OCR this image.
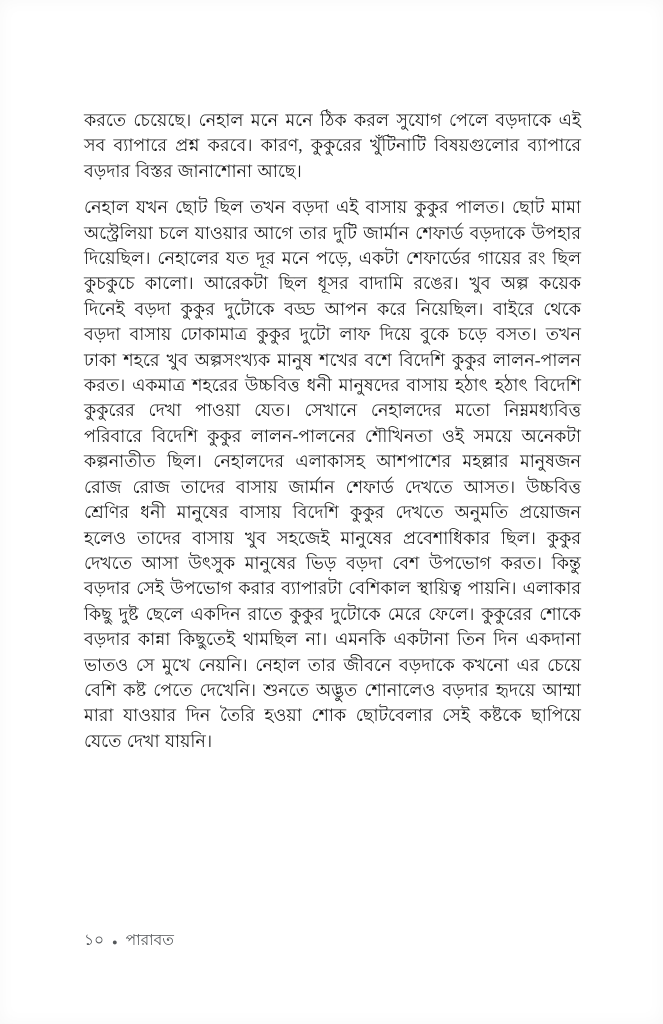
করতে চেয়েছে। নেহাল মনে মনে ঠিক করল সুযোগ পেলে বড়দাকে এই সব ব্যাপারে প্রশ্ন করবে। কারণ, কুকুরের খুঁটিনাটি বিষয়গুলোর ব্যাপারে বড়দার বিস্তর জানাশোনা আছে।

নেহাল যখন ছোট ছিল তখন বড়দা এই বাসায় কুকুর পালত। ছোট মামা অস্ট্রেলিয়া চলে যাওয়ার আগে তার দুটি জার্মান শেফার্ড বড়দাকে উপহার দিয়েছিল। নেহালের যত দূর মনে পড়ে, একটা শেফার্ডের গায়ের রং ছিল কুচকুচে কালো। আরেকটা ছিল ধূসর বাদামি রঙের। খুব অল্প কয়েক দিনেই বড়দা কুকুর দুটোকে বড্ড আপন করে নিয়েছিল। বাইরে থেকে বড়দা বাসায় ঢোকামাত্র কুকুর দুটো লাফ দিয়ে বুকে চড়ে বসত। তখন ঢাকা শহরে খুব অল্পসংখ্যক মানুষ শখের বশে বিদেশি কুকুর লালন-পালন করত। একমাত্র শহরের উচ্চবিত্ত ধনী মানুষদের বাসায় হঠাৎ হঠাৎ বিদেশি কুকুরের দেখা পাওয়া যেত। সেখানে নেহালদের মতো নিম্নমধ্যবিত্ত পরিবারে বিদেশি কুকুর লালন-পালনের শৌখিনতা ওই সময়ে অনেকটা কল্পনাতীত ছিল। নেহালদের এলাকাসহ আশপাশের মহল্লার মানুষজন রোজ রোজ তাদের বাসায় জার্মান শেফার্ড দেখতে আসত। উচ্চবিত্ত শ্রেণির ধনী মানুষের বাসায় বিদেশি কুকুর দেখতে অনুমতি প্রয়োজন হলেও তাদের বাসায় খুব সহজেই মানুষের প্রবেশাধিকার ছিল। কুকুর দেখতে আসা উৎসুক মানুষের ভিড় বড়দা বেশ উপভোগ করত। কিন্তু বড়দার সেই উপভোগ করার ব্যাপারটা বেশিকাল স্থায়িত্ব পায়নি। এলাকার কিছু দুষ্ট ছেলে একদিন রাতে কুকুর দুটোকে মেরে ফেলে। কুকুরের শোকে বড়দার কান্না কিছুতেই থামছিল না। এমনকি একটানা তিন দিন একদানা ভাতও সে মুখে নেয়নি। নেহাল তার জীবনে বড়দাকে কখনো এর চেয়ে বেশি কষ্ট পেতে দেখেনি। শুনতে অদ্ভুত শোনালেও বড়দার হৃদয়ে আম্মা মারা যাওয়ার দিন তৈরি হওয়া শোক ছোটবেলার সেই কষ্টকে ছাপিয়ে যেতে দেখা যায়নি।

১০ ● পারাবত
